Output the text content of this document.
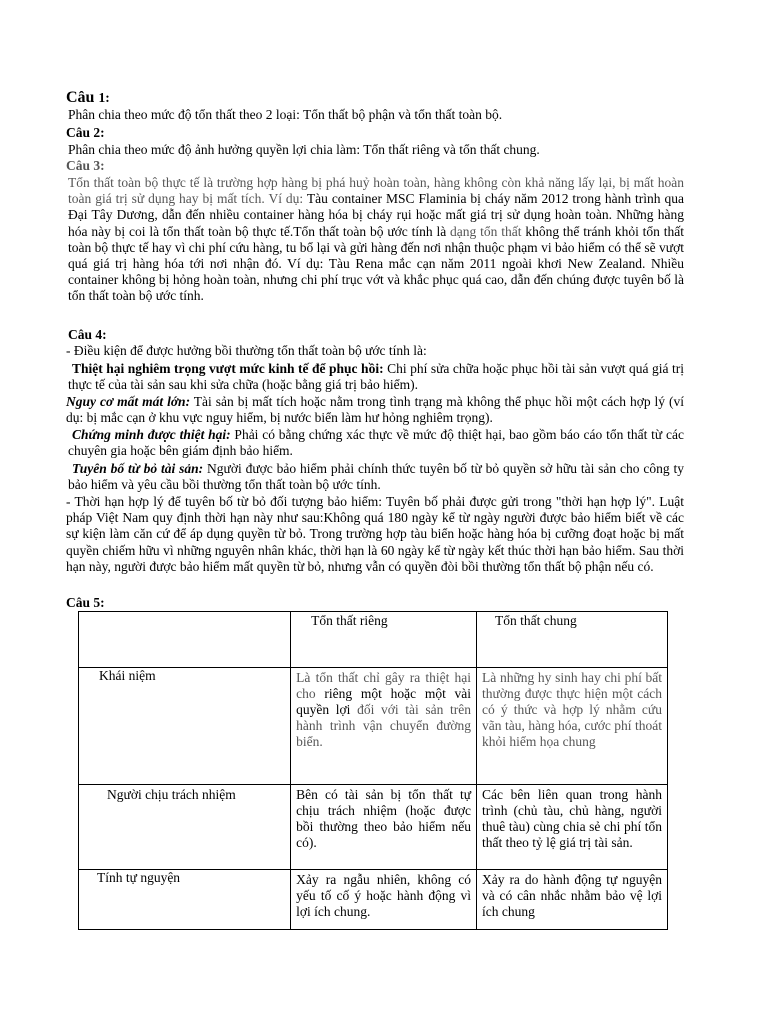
Câu 1:
Phân chia theo mức độ tổn thất theo 2 loại: Tổn thất bộ phận và tổn thất toàn bộ.
Câu 2:
Phân chia theo mức độ ảnh hưởng quyền lợi chia làm: Tổn thất riêng và tổn thất chung.
Câu 3:
Tổn thất toàn bộ thực tế là trường hợp hàng bị phá huỷ hoàn toàn, hàng không còn khả năng lấy lại, bị mất hoàn toàn giá trị sử dụng hay bị mất tích. Ví dụ: Tàu container MSC Flaminia bị cháy năm 2012 trong hành trình qua Đại Tây Dương, dẫn đến nhiều container hàng hóa bị cháy rụi hoặc mất giá trị sử dụng hoàn toàn. Những hàng hóa này bị coi là tổn thất toàn bộ thực tế.Tổn thất toàn bộ ước tính là dạng tổn thất không thể tránh khỏi tổn thất toàn bộ thực tế hay vì chi phí cứu hàng, tu bổ lại và gửi hàng đến nơi nhận thuộc phạm vi bảo hiểm có thể sẽ vượt quá giá trị hàng hóa tới nơi nhận đó. Ví dụ: Tàu Rena mắc cạn năm 2011 ngoài khơi New Zealand. Nhiều container không bị hỏng hoàn toàn, nhưng chi phí trục vớt và khắc phục quá cao, dẫn đến chúng được tuyên bố là tổn thất toàn bộ ước tính.
Câu 4:
- Điều kiện để được hưởng bồi thường tổn thất toàn bộ ước tính là:
Thiệt hại nghiêm trọng vượt mức kinh tế để phục hồi: Chi phí sửa chữa hoặc phục hồi tài sản vượt quá giá trị thực tế của tài sản sau khi sửa chữa (hoặc bằng giá trị bảo hiểm).
Nguy cơ mất mát lớn: Tài sản bị mất tích hoặc nằm trong tình trạng mà không thể phục hồi một cách hợp lý (ví dụ: bị mắc cạn ở khu vực nguy hiểm, bị nước biển làm hư hỏng nghiêm trọng).
Chứng minh được thiệt hại: Phải có bằng chứng xác thực về mức độ thiệt hại, bao gồm báo cáo tổn thất từ các chuyên gia hoặc bên giám định bảo hiểm.
Tuyên bố từ bỏ tài sản: Người được bảo hiểm phải chính thức tuyên bố từ bỏ quyền sở hữu tài sản cho công ty bảo hiểm và yêu cầu bồi thường tổn thất toàn bộ ước tính.
- Thời hạn hợp lý để tuyên bố từ bỏ đối tượng bảo hiểm: Tuyên bố phải được gửi trong "thời hạn hợp lý". Luật pháp Việt Nam quy định thời hạn này như sau:Không quá 180 ngày kể từ ngày người được bảo hiểm biết về các sự kiện làm căn cứ để áp dụng quyền từ bỏ. Trong trường hợp tàu biển hoặc hàng hóa bị cưỡng đoạt hoặc bị mất quyền chiếm hữu vì những nguyên nhân khác, thời hạn là 60 ngày kể từ ngày kết thúc thời hạn bảo hiểm. Sau thời hạn này, người được bảo hiểm mất quyền từ bỏ, nhưng vẫn có quyền đòi bồi thường tổn thất bộ phận nếu có.
Câu 5:

	Tổn thất riêng	Tổn thất chung

Khái niệm	Là tổn thất chỉ gây ra thiệt hại cho riêng một hoặc một vài quyền lợi đối với tài sản trên hành trình vận chuyển đường biển.	Là những hy sinh hay chi phí bất thường được thực hiện một cách có ý thức và hợp lý nhằm cứu vãn tàu, hàng hóa, cước phí thoát khỏi hiểm họa chung

Người chịu trách nhiệm	Bên có tài sản bị tổn thất tự chịu trách nhiệm (hoặc được bồi thường theo bảo hiểm nếu có).	Các bên liên quan trong hành trình (chủ tàu, chủ hàng, người thuê tàu) cùng chia sẻ chi phí tổn thất theo tỷ lệ giá trị tài sản.

Tính tự nguyện	Xảy ra ngẫu nhiên, không có yếu tố cố ý hoặc hành động vì lợi ích chung.	Xảy ra do hành động tự nguyện và có cân nhắc nhằm bảo vệ lợi ích chung
